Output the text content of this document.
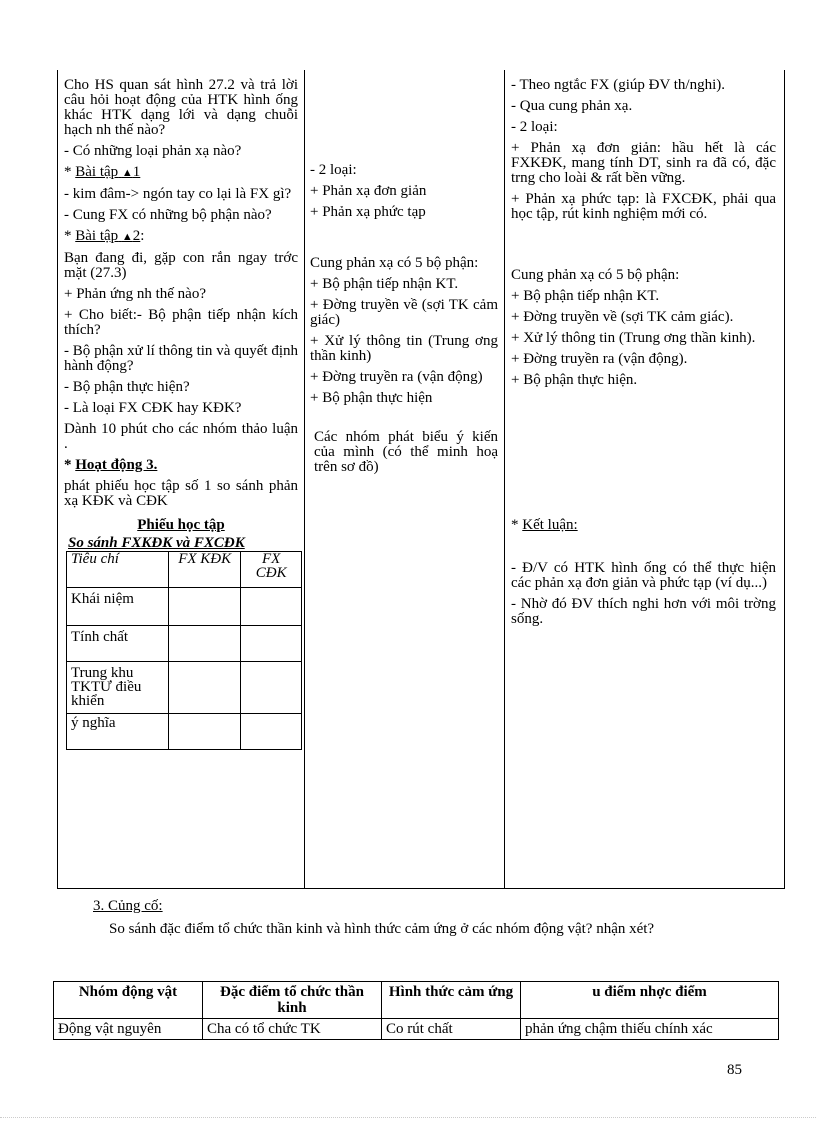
Cho HS quan sát hình 27.2 và trả lời câu hỏi hoạt động của HTK hình ống khác HTK dạng lới và dạng chuỗi hạch nh thế nào?

- Có những loại phản xạ nào?

* Bài tập ▲1

- kim đâm-> ngón tay co lại là FX gì?

- Cung FX có những bộ phận nào?

* Bài tập ▲2:

Bạn đang đi, gặp con rắn ngay trớc mặt (27.3)

+ Phản ứng nh thế nào?

+ Cho biết:- Bộ phận tiếp nhận kích thích?

- Bộ phận xử lí thông tin và quyết định hành động?

- Bộ phận thực hiện?

- Là loại FX CĐK hay KĐK?

Dành 10 phút cho các nhóm thảo luận .

* Hoạt động 3.

phát phiếu học tập số 1 so sánh phản xạ KĐK và CĐK

Phiếu học tập
So sánh FXKĐK và FXCĐK
Tiêu chí	FX KĐK	FX CĐK
Khái niệm		
Tính chất		
Trung khu TKTƯ điều khiển		
ý nghĩa		

- 2 loại:

+ Phản xạ đơn giản

+ Phản xạ phức tạp

Cung phản xạ có 5 bộ phận:

+ Bộ phận tiếp nhận KT.

+ Đờng truyền về (sợi TK cảm giác)

+ Xử lý thông tin (Trung ơng thần kinh)

+ Đờng truyền ra (vận động)

+ Bộ phận thực hiện

Các nhóm phát biểu ý kiến của mình (có thể minh hoạ trên sơ đồ)

- Theo ngtắc FX (giúp ĐV th/nghi).

- Qua cung phản xạ.

- 2 loại:

+ Phản xạ đơn giản: hầu hết là các FXKĐK, mang tính DT, sinh ra đã có, đặc trng cho loài & rất bền vững.

+ Phản xạ phức tạp: là FXCĐK, phải qua học tập, rút kinh nghiệm mới có.

Cung phản xạ có 5 bộ phận:

+ Bộ phận tiếp nhận KT.

+ Đờng truyền về (sợi TK cảm giác).

+ Xử lý thông tin (Trung ơng thần kinh).

+ Đờng truyền ra (vận động).

+ Bộ phận thực hiện.

* Kết luận:

- Đ/V có HTK hình ống có thể thực hiện các phản xạ đơn giản và phức tạp (ví dụ...)

- Nhờ đó ĐV thích nghi hơn với môi trờng sống.

3. Củng cố:
So sánh đặc điểm tổ chức thần kinh và hình thức cảm ứng ở các nhóm động vật? nhận xét?
Nhóm động vật	Đặc điểm tổ chức thần kinh	Hình thức cảm ứng	u điểm nhợc điểm
Động vật nguyên	Cha có tổ chức TK	Co rút chất	phản ứng chậm thiếu chính xác
85
